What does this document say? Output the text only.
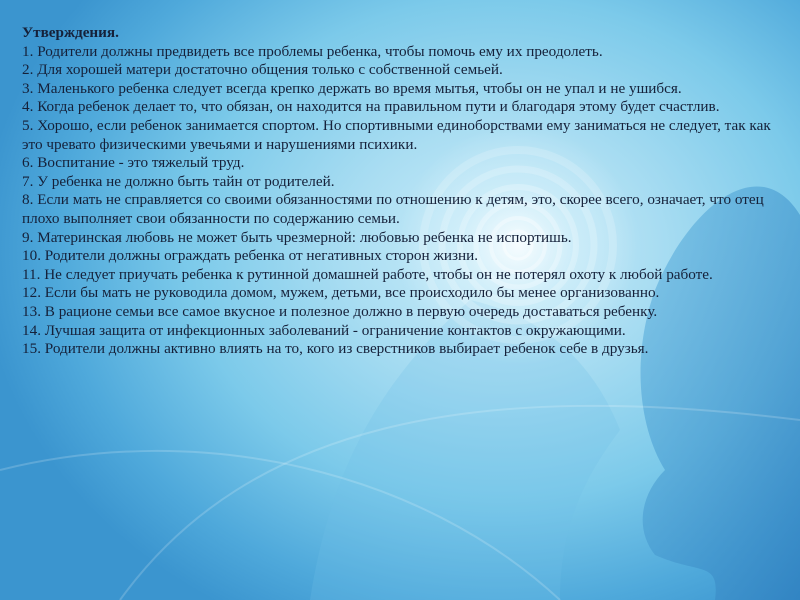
Утверждения.

1. Родители должны предвидеть все проблемы ребенка, чтобы помочь ему их преодолеть.

2. Для хорошей матери достаточно общения только с собственной семьей.

3. Маленького ребенка следует всегда крепко держать во время мытья, чтобы он не упал и не ушибся.

4. Когда ребенок делает то, что обязан, он находится на правильном пути и благодаря этому будет счастлив.

5. Хорошо, если ребенок занимается спортом. Но спортивными единоборствами ему заниматься не следует, так как это чревато физическими увечьями и нарушениями психики.

6. Воспитание - это тяжелый труд.

7. У ребенка не должно быть тайн от родителей.

8. Если мать не справляется со своими обязанностями по отношению к детям, это, скорее всего, означает, что отец плохо выполняет свои обязанности по содержанию семьи.

9. Материнская любовь не может быть чрезмерной: любовью ребенка не испортишь.

10. Родители должны ограждать ребенка от негативных сторон жизни.

11. Не следует приучать ребенка к рутинной домашней работе, чтобы он не потерял охоту к любой работе.

12. Если бы мать не руководила домом, мужем, детьми, все происходило бы менее организованно.

13. В рационе семьи все самое вкусное и полезное должно в первую очередь доставаться ребенку.

14. Лучшая защита от инфекционных заболеваний - ограничение контактов с окружающими.

15. Родители должны активно влиять на то, кого из сверстников выбирает ребенок себе в друзья.
